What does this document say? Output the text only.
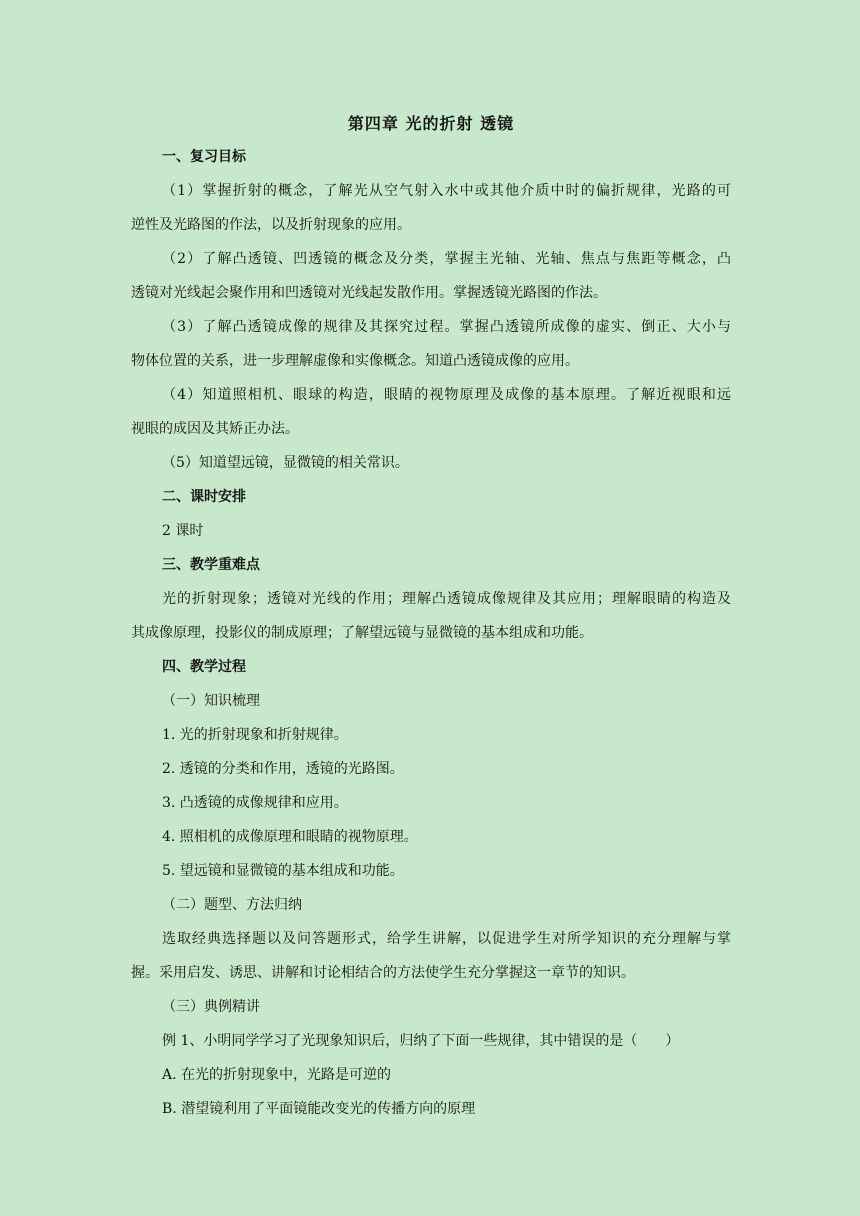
第四章 光的折射 透镜
一、复习目标
（1）掌握折射的概念，了解光从空气射入水中或其他介质中时的偏折规律，光路的可
逆性及光路图的作法，以及折射现象的应用。
（2）了解凸透镜、凹透镜的概念及分类，掌握主光轴、光轴、焦点与焦距等概念，凸
透镜对光线起会聚作用和凹透镜对光线起发散作用。掌握透镜光路图的作法。
（3）了解凸透镜成像的规律及其探究过程。掌握凸透镜所成像的虚实、倒正、大小与
物体位置的关系，进一步理解虚像和实像概念。知道凸透镜成像的应用。
（4）知道照相机、眼球的构造，眼睛的视物原理及成像的基本原理。了解近视眼和远
视眼的成因及其矫正办法。
（5）知道望远镜，显微镜的相关常识。
二、课时安排
2 课时
三、教学重难点
光的折射现象；透镜对光线的作用；理解凸透镜成像规律及其应用；理解眼睛的构造及
其成像原理，投影仪的制成原理；了解望远镜与显微镜的基本组成和功能。
四、教学过程
（一）知识梳理
1. 光的折射现象和折射规律。
2. 透镜的分类和作用，透镜的光路图。
3. 凸透镜的成像规律和应用。
4. 照相机的成像原理和眼睛的视物原理。
5. 望远镜和显微镜的基本组成和功能。
（二）题型、方法归纳
选取经典选择题以及问答题形式，给学生讲解，以促进学生对所学知识的充分理解与掌
握。采用启发、诱思、讲解和讨论相结合的方法使学生充分掌握这一章节的知识。
（三）典例精讲
例 1、小明同学学习了光现象知识后，归纳了下面一些规律，其中错误的是（　　）
A. 在光的折射现象中，光路是可逆的
B. 潜望镜利用了平面镜能改变光的传播方向的原理
